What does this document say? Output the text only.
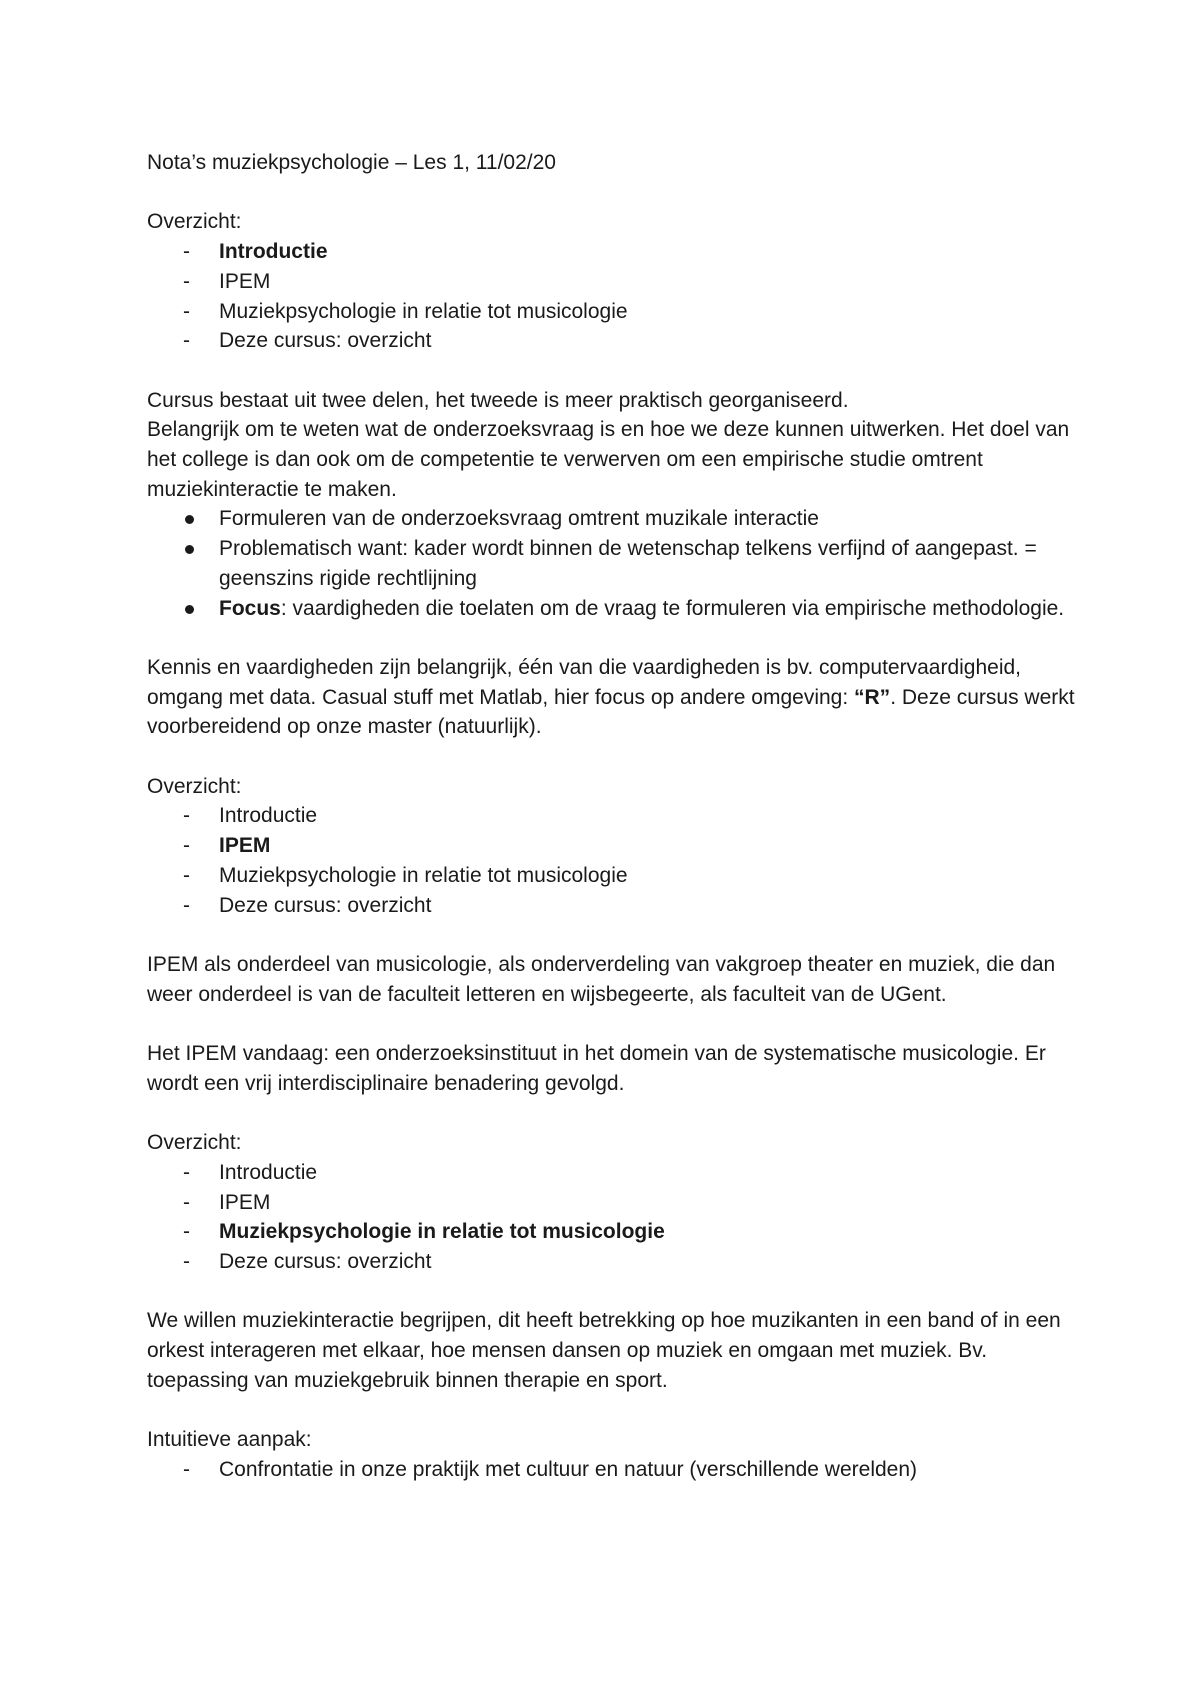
Nota’s muziekpsychologie – Les 1, 11/02/20

Overzicht:

- Introductie
- IPEM
- Muziekpsychologie in relatie tot musicologie
- Deze cursus: overzicht

Cursus bestaat uit twee delen, het tweede is meer praktisch georganiseerd.

Belangrijk om te weten wat de onderzoeksvraag is en hoe we deze kunnen uitwerken. Het doel van het college is dan ook om de competentie te verwerven om een empirische studie omtrent muziekinteractie te maken.

Formuleren van de onderzoeksvraag omtrent muzikale interactie
Problematisch want: kader wordt binnen de wetenschap telkens verfijnd of aangepast. = geenszins rigide rechtlijning
Focus: vaardigheden die toelaten om de vraag te formuleren via empirische methodologie.

Kennis en vaardigheden zijn belangrijk, één van die vaardigheden is bv. computervaardigheid, omgang met data. Casual stuff met Matlab, hier focus op andere omgeving: “R”. Deze cursus werkt voorbereidend op onze master (natuurlijk).

Overzicht:

- Introductie
- IPEM
- Muziekpsychologie in relatie tot musicologie
- Deze cursus: overzicht

IPEM als onderdeel van musicologie, als onderverdeling van vakgroep theater en muziek, die dan weer onderdeel is van de faculteit letteren en wijsbegeerte, als faculteit van de UGent.

Het IPEM vandaag: een onderzoeksinstituut in het domein van de systematische musicologie. Er wordt een vrij interdisciplinaire benadering gevolgd.

Overzicht:

- Introductie
- IPEM
- Muziekpsychologie in relatie tot musicologie
- Deze cursus: overzicht

We willen muziekinteractie begrijpen, dit heeft betrekking op hoe muzikanten in een band of in een orkest interageren met elkaar, hoe mensen dansen op muziek en omgaan met muziek. Bv. toepassing van muziekgebruik binnen therapie en sport.

Intuitieve aanpak:

- Confrontatie in onze praktijk met cultuur en natuur (verschillende werelden)
